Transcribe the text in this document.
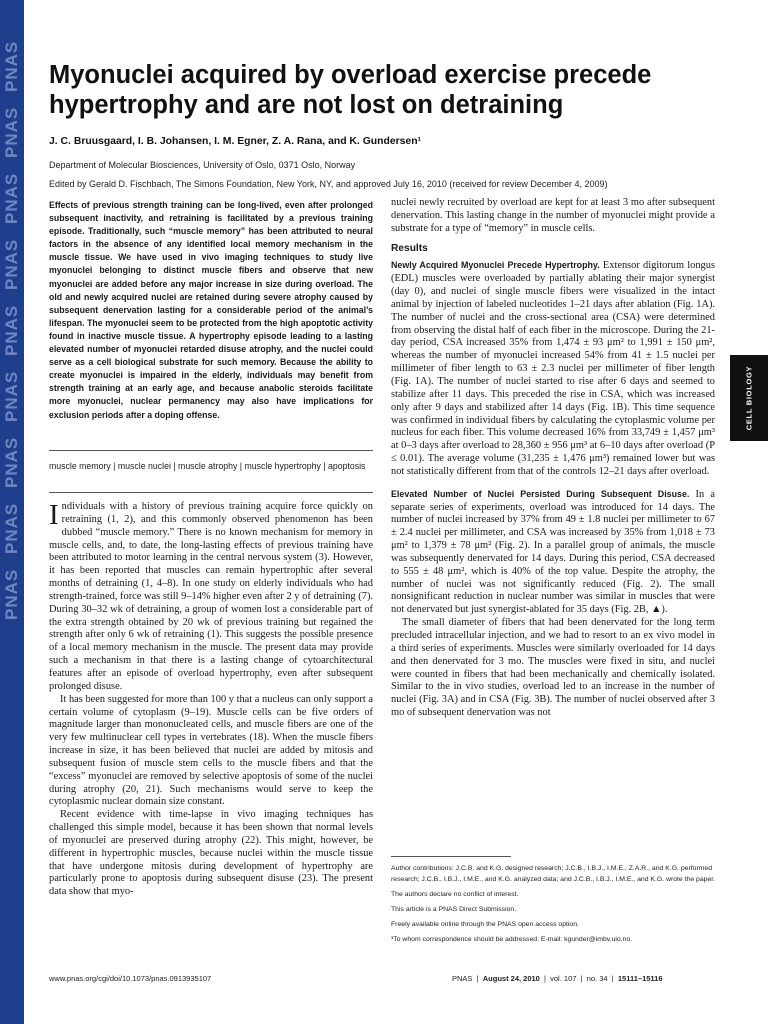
PNAS
PNAS
PNAS
PNAS
PNAS
PNAS
PNAS
PNAS
PNAS
CELL BIOLOGY
Myonuclei acquired by overload exercise precede hypertrophy and are not lost on detraining
J. C. Bruusgaard, I. B. Johansen, I. M. Egner, Z. A. Rana, and K. Gundersen¹
Department of Molecular Biosciences, University of Oslo, 0371 Oslo, Norway
Edited by Gerald D. Fischbach, The Simons Foundation, New York, NY, and approved July 16, 2010 (received for review December 4, 2009)
Effects of previous strength training can be long-lived, even after prolonged subsequent inactivity, and retraining is facilitated by a previous training episode. Traditionally, such “muscle memory” has been attributed to neural factors in the absence of any identified local memory mechanism in the muscle tissue. We have used in vivo imaging techniques to study live myonuclei belonging to distinct muscle fibers and observe that new myonuclei are added before any major increase in size during overload. The old and newly acquired nuclei are retained during severe atrophy caused by subsequent denervation lasting for a considerable period of the animal’s lifespan. The myonuclei seem to be protected from the high apoptotic activity found in inactive muscle tissue. A hypertrophy episode leading to a lasting elevated number of myonuclei retarded disuse atrophy, and the nuclei could serve as a cell biological substrate for such memory. Because the ability to create myonuclei is impaired in the elderly, individuals may benefit from strength training at an early age, and because anabolic steroids facilitate more myonuclei, nuclear permanency may also have implications for exclusion periods after a doping offense.
muscle memory | muscle nuclei | muscle atrophy | muscle hypertrophy | apoptosis

Individuals with a history of previous training acquire force quickly on retraining (1, 2), and this commonly observed phenomenon has been dubbed “muscle memory.” There is no known mechanism for memory in muscle cells, and, to date, the long-lasting effects of previous training have been attributed to motor learning in the central nervous system (3). However, it has been reported that muscles can remain hypertrophic after several months of detraining (1, 4–8). In one study on elderly individuals who had strength-trained, force was still 9–14% higher even after 2 y of detraining (7). During 30–32 wk of detraining, a group of women lost a considerable part of the extra strength obtained by 20 wk of previous training but regained the strength after only 6 wk of retraining (1). This suggests the possible presence of a local memory mechanism in the muscle. The present data may provide such a mechanism in that there is a lasting change of cytoarchitectural features after an episode of overload hypertrophy, even after subsequent prolonged disuse.

It has been suggested for more than 100 y that a nucleus can only support a certain volume of cytoplasm (9–19). Muscle cells can be five orders of magnitude larger than mononucleated cells, and muscle fibers are one of the very few multinuclear cell types in vertebrates (18). When the muscle fibers increase in size, it has been believed that nuclei are added by mitosis and subsequent fusion of muscle stem cells to the muscle fibers and that the “excess” myonuclei are removed by selective apoptosis of some of the nuclei during atrophy (20, 21). Such mechanisms would serve to keep the cytoplasmic nuclear domain size constant.

Recent evidence with time-lapse in vivo imaging techniques has challenged this simple model, because it has been shown that normal levels of myonuclei are preserved during atrophy (22). This might, however, be different in hypertrophic muscles, because nuclei within the muscle tissue that have undergone mitosis during development of hypertrophy are particularly prone to apoptosis during subsequent disuse (23). The present data show that myo-

nuclei newly recruited by overload are kept for at least 3 mo after subsequent denervation. This lasting change in the number of myonuclei might provide a substrate for a type of “memory” in muscle cells.

Results

Newly Acquired Myonuclei Precede Hypertrophy. Extensor digitorum longus (EDL) muscles were overloaded by partially ablating their major synergist (day 0), and nuclei of single muscle fibers were visualized in the intact animal by injection of labeled nucleotides 1–21 days after ablation (Fig. 1A). The number of nuclei and the cross-sectional area (CSA) were determined from observing the distal half of each fiber in the microscope. During the 21-day period, CSA increased 35% from 1,474 ± 93 μm² to 1,991 ± 150 μm², whereas the number of myonuclei increased 54% from 41 ± 1.5 nuclei per millimeter of fiber length to 63 ± 2.3 nuclei per millimeter of fiber length (Fig. 1A). The number of nuclei started to rise after 6 days and seemed to stabilize after 11 days. This preceded the rise in CSA, which was increased only after 9 days and stabilized after 14 days (Fig. 1B). This time sequence was confirmed in individual fibers by calculating the cytoplasmic volume per nucleus for each fiber. This volume decreased 16% from 33,749 ± 1,457 μm³ at 0–3 days after overload to 28,360 ± 956 μm³ at 6–10 days after overload (P ≤ 0.01). The average volume (31,235 ± 1,476 μm³) remained lower but was not statistically different from that of the controls 12–21 days after overload.

Elevated Number of Nuclei Persisted During Subsequent Disuse. In a separate series of experiments, overload was introduced for 14 days. The number of nuclei increased by 37% from 49 ± 1.8 nuclei per millimeter to 67 ± 2.4 nuclei per millimeter, and CSA was increased by 35% from 1,018 ± 73 μm² to 1,379 ± 78 μm² (Fig. 2). In a parallel group of animals, the muscle was subsequently denervated for 14 days. During this period, CSA decreased to 555 ± 48 μm², which is 40% of the top value. Despite the atrophy, the number of nuclei was not significantly reduced (Fig. 2). The small nonsignificant reduction in nuclear number was similar in muscles that were not denervated but just synergist-ablated for 35 days (Fig. 2B, ▲).

The small diameter of fibers that had been denervated for the long term precluded intracellular injection, and we had to resort to an ex vivo model in a third series of experiments. Muscles were similarly overloaded for 14 days and then denervated for 3 mo. The muscles were fixed in situ, and nuclei were counted in fibers that had been mechanically and chemically isolated. Similar to the in vivo studies, overload led to an increase in the number of nuclei (Fig. 3A) and in CSA (Fig. 3B). The number of nuclei observed after 3 mo of subsequent denervation was not

Author contributions: J.C.B. and K.G. designed research; J.C.B., I.B.J., I.M.E., Z.A.R., and K.G. performed research; J.C.B., I.B.J., I.M.E., and K.G. analyzed data; and J.C.B., I.B.J., I.M.E., and K.G. wrote the paper.

The authors declare no conflict of interest.

This article is a PNAS Direct Submission.

Freely available online through the PNAS open access option.

¹To whom correspondence should be addressed. E-mail: kgunder@imbv.uio.no.

www.pnas.org/cgi/doi/10.1073/pnas.0913935107	PNAS  |  August 24, 2010  |  vol. 107  |  no. 34  |  15111–15116
